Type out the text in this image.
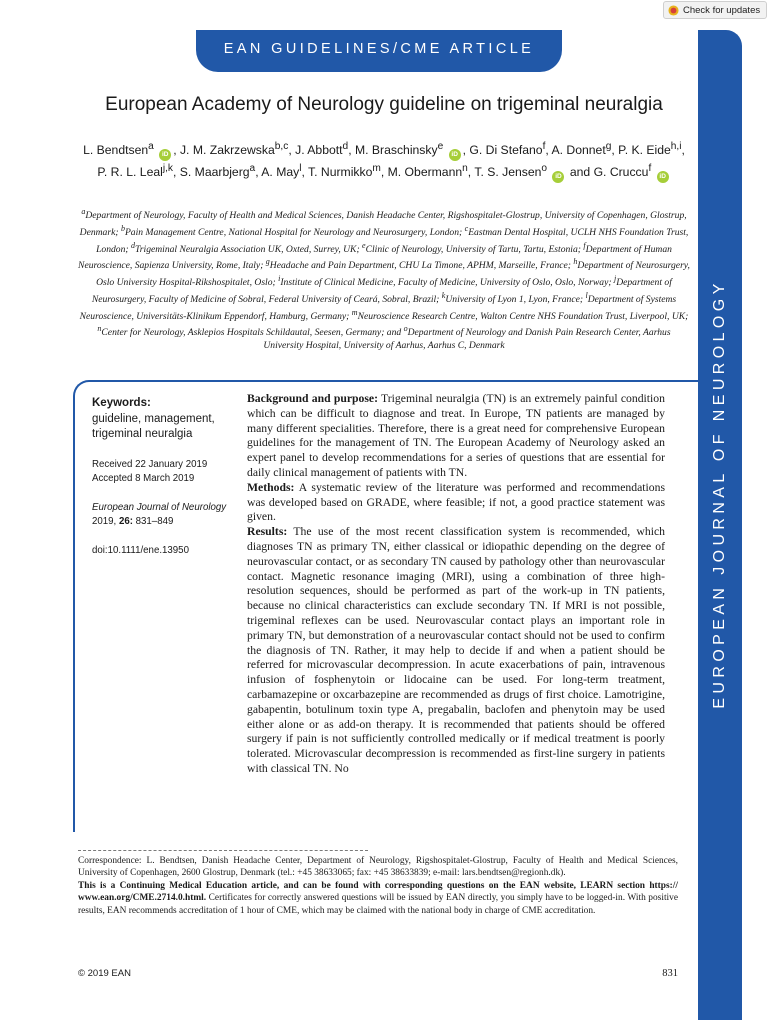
Check for updates
EAN GUIDELINES/CME ARTICLE
EUROPEAN JOURNAL OF NEUROLOGY
European Academy of Neurology guideline on trigeminal neuralgia
L. Bendtsen$^a$ iD , J. M. Zakrzewska$^{b,c}$, J. Abbott$^d$, M. Braschinsky$^e$ iD , G. Di Stefano$^f$, A. Donnet$^g$, P. K. Eide$^{h,i}$, P. R. L. Leal$^{j,k}$, S. Maarbjerg$^a$, A. May$^l$, T. Nurmikko$^m$, M. Obermann$^n$, T. S. Jensen$^o$ iD and G. Cruccu$^f$ iD
$^a$Department of Neurology, Faculty of Health and Medical Sciences, Danish Headache Center, Rigshospitalet-Glostrup, University of Copenhagen, Glostrup, Denmark; $^b$Pain Management Centre, National Hospital for Neurology and Neurosurgery, London; $^c$Eastman Dental Hospital, UCLH NHS Foundation Trust, London; $^d$Trigeminal Neuralgia Association UK, Oxted, Surrey, UK; $^e$Clinic of Neurology, University of Tartu, Tartu, Estonia; $^f$Department of Human Neuroscience, Sapienza University, Rome, Italy; $^g$Headache and Pain Department, CHU La Timone, APHM, Marseille, France; $^h$Department of Neurosurgery, Oslo University Hospital-Rikshospitalet, Oslo; $^i$Institute of Clinical Medicine, Faculty of Medicine, University of Oslo, Oslo, Norway; $^j$Department of Neurosurgery, Faculty of Medicine of Sobral, Federal University of Ceará, Sobral, Brazil; $^k$University of Lyon 1, Lyon, France; $^l$Department of Systems Neuroscience, Universitäts-Klinikum Eppendorf, Hamburg, Germany; $^m$Neuroscience Research Centre, Walton Centre NHS Foundation Trust, Liverpool, UK; $^n$Center for Neurology, Asklepios Hospitals Schildautal, Seesen, Germany; and $^o$Department of Neurology and Danish Pain Research Center, Aarhus University Hospital, University of Aarhus, Aarhus C, Denmark
Keywords:
guideline, management, trigeminal neuralgia
Received 22 January 2019
Accepted 8 March 2019
European Journal of Neurology 2019, 26: 831–849
doi:10.1111/ene.13950

Background and purpose: Trigeminal neuralgia (TN) is an extremely painful condition which can be difficult to diagnose and treat. In Europe, TN patients are managed by many different specialities. Therefore, there is a great need for comprehensive European guidelines for the management of TN. The European Academy of Neurology asked an expert panel to develop recommendations for a series of questions that are essential for daily clinical management of patients with TN.

Methods: A systematic review of the literature was performed and recommendations was developed based on GRADE, where feasible; if not, a good practice statement was given.

Results: The use of the most recent classification system is recommended, which diagnoses TN as primary TN, either classical or idiopathic depending on the degree of neurovascular contact, or as secondary TN caused by pathology other than neurovascular contact. Magnetic resonance imaging (MRI), using a combination of three high-resolution sequences, should be performed as part of the work-up in TN patients, because no clinical characteristics can exclude secondary TN. If MRI is not possible, trigeminal reflexes can be used. Neurovascular contact plays an important role in primary TN, but demonstration of a neurovascular contact should not be used to confirm the diagnosis of TN. Rather, it may help to decide if and when a patient should be referred for microvascular decompression. In acute exacerbations of pain, intravenous infusion of fosphenytoin or lidocaine can be used. For long-term treatment, carbamazepine or oxcarbazepine are recommended as drugs of first choice. Lamotrigine, gabapentin, botulinum toxin type A, pregabalin, baclofen and phenytoin may be used either alone or as add-on therapy. It is recommended that patients should be offered surgery if pain is not sufficiently controlled medically or if medical treatment is poorly tolerated. Microvascular decompression is recommended as first-line surgery in patients with classical TN. No

Correspondence: L. Bendtsen, Danish Headache Center, Department of Neurology, Rigshospitalet-Glostrup, Faculty of Health and Medical Sciences, University of Copenhagen, 2600 Glostrup, Denmark (tel.: +45 38633065; fax: +45 38633839; e-mail: lars.bendtsen@regionh.dk).
This is a Continuing Medical Education article, and can be found with corresponding questions on the EAN website, LEARN section https:// www.ean.org/CME.2714.0.html. Certificates for correctly answered questions will be issued by EAN directly, you simply have to be logged-in. With positive results, EAN recommends accreditation of 1 hour of CME, which may be claimed with the national body in charge of CME accreditation.
© 2019 EAN	831
